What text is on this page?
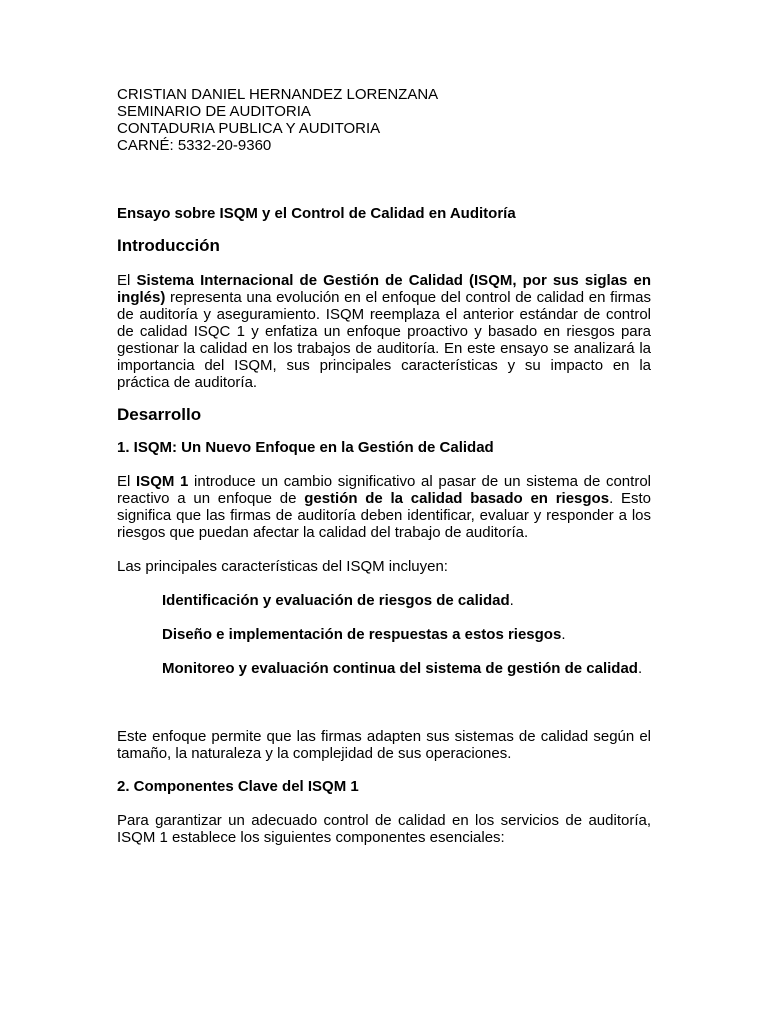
CRISTIAN DANIEL HERNANDEZ LORENZANA
SEMINARIO DE AUDITORIA
CONTADURIA PUBLICA Y AUDITORIA
CARNÉ: 5332-20-9360
Ensayo sobre ISQM y el Control de Calidad en Auditoría
Introducción

El Sistema Internacional de Gestión de Calidad (ISQM, por sus siglas en inglés) representa una evolución en el enfoque del control de calidad en firmas de auditoría y aseguramiento. ISQM reemplaza el anterior estándar de control de calidad ISQC 1 y enfatiza un enfoque proactivo y basado en riesgos para gestionar la calidad en los trabajos de auditoría. En este ensayo se analizará la importancia del ISQM, sus principales características y su impacto en la práctica de auditoría.

Desarrollo
1. ISQM: Un Nuevo Enfoque en la Gestión de Calidad

El ISQM 1 introduce un cambio significativo al pasar de un sistema de control reactivo a un enfoque de gestión de la calidad basado en riesgos. Esto significa que las firmas de auditoría deben identificar, evaluar y responder a los riesgos que puedan afectar la calidad del trabajo de auditoría.

Las principales características del ISQM incluyen:

Identificación y evaluación de riesgos de calidad.

Diseño e implementación de respuestas a estos riesgos.

Monitoreo y evaluación continua del sistema de gestión de calidad.

Este enfoque permite que las firmas adapten sus sistemas de calidad según el tamaño, la naturaleza y la complejidad de sus operaciones.

2. Componentes Clave del ISQM 1

Para garantizar un adecuado control de calidad en los servicios de auditoría, ISQM 1 establece los siguientes componentes esenciales:
